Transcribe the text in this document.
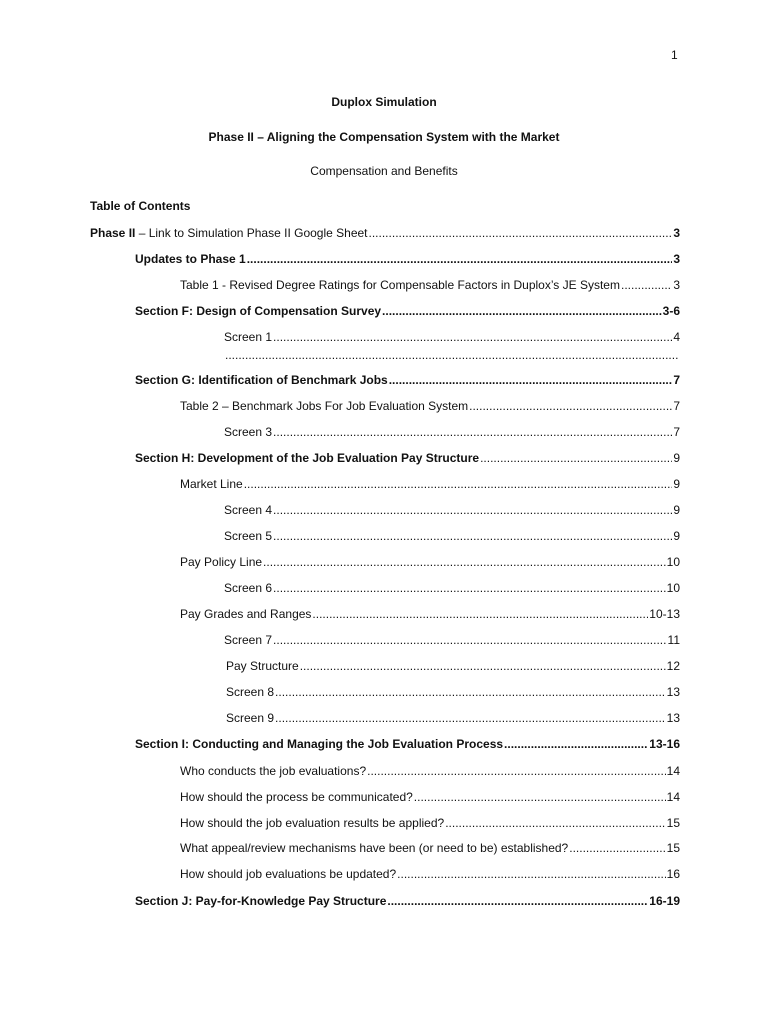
1
Duplox Simulation
Phase II – Aligning the Compensation System with the Market
Compensation and Benefits
Table of Contents
Phase II – Link to Simulation Phase II Google Sheet .....	3
Updates to Phase 1 .....	3
Table 1 - Revised Degree Ratings for Compensable Factors in Duplox’s JE System .....	3
Section F: Design of Compensation Survey .....	3-6
Screen 1 .....	4
.....
Section G: Identification of Benchmark Jobs .....	7
Table 2 – Benchmark Jobs For Job Evaluation System .....	7
Screen 3 .....	7
Section H: Development of the Job Evaluation Pay Structure .....	9
Market Line .....	9
Screen 4 .....	9
Screen 5 .....	9
Pay Policy Line .....	10
Screen 6 .....	10
Pay Grades and Ranges .....	10-13
Screen 7 .....	11
Pay Structure .....	12
Screen 8 .....	13
Screen 9 .....	13
Section I: Conducting and Managing the Job Evaluation Process .....	13-16
Who conducts the job evaluations? .....	14
How should the process be communicated? .....	14
How should the job evaluation results be applied? .....	15
What appeal/review mechanisms have been (or need to be) established? .....	15
How should job evaluations be updated? .....	16
Section J: Pay-for-Knowledge Pay Structure .....	16-19
